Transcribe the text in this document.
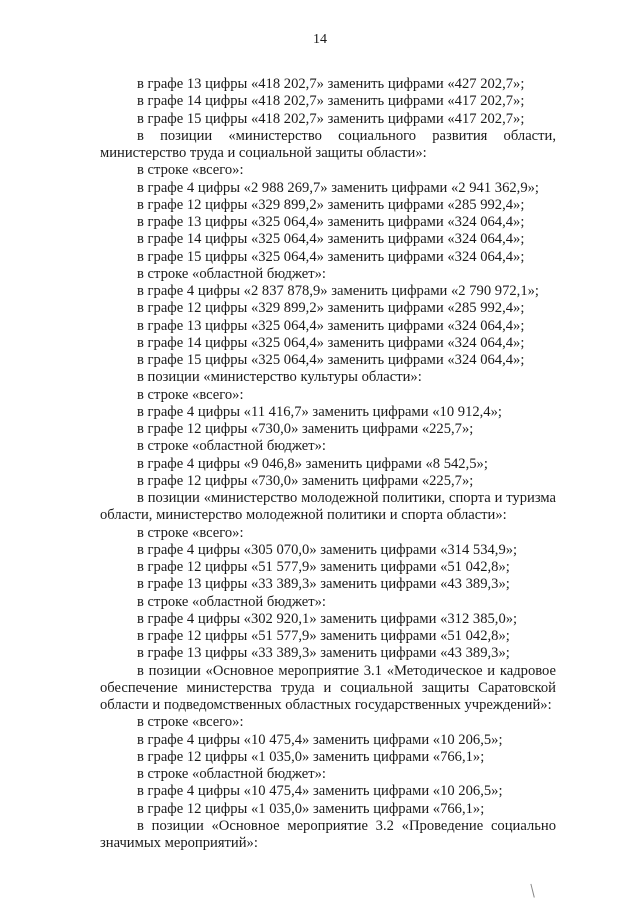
14
в графе 13 цифры «418 202,7» заменить цифрами «427 202,7»;
в графе 14 цифры «418 202,7» заменить цифрами «417 202,7»;
в графе 15 цифры «418 202,7» заменить цифрами «417 202,7»;
в позиции «министерство социального развития области, министерство труда и социальной защиты области»:
в строке «всего»:
в графе 4 цифры «2 988 269,7» заменить цифрами «2 941 362,9»;
в графе 12 цифры «329 899,2» заменить цифрами «285 992,4»;
в графе 13 цифры «325 064,4» заменить цифрами «324 064,4»;
в графе 14 цифры «325 064,4» заменить цифрами «324 064,4»;
в графе 15 цифры «325 064,4» заменить цифрами «324 064,4»;
в строке «областной бюджет»:
в графе 4 цифры «2 837 878,9» заменить цифрами «2 790 972,1»;
в графе 12 цифры «329 899,2» заменить цифрами «285 992,4»;
в графе 13 цифры «325 064,4» заменить цифрами «324 064,4»;
в графе 14 цифры «325 064,4» заменить цифрами «324 064,4»;
в графе 15 цифры «325 064,4» заменить цифрами «324 064,4»;
в позиции «министерство культуры области»:
в строке «всего»:
в графе 4 цифры «11 416,7» заменить цифрами «10 912,4»;
в графе 12 цифры «730,0» заменить цифрами «225,7»;
в строке «областной бюджет»:
в графе 4 цифры «9 046,8» заменить цифрами «8 542,5»;
в графе 12 цифры «730,0» заменить цифрами «225,7»;
в позиции «министерство молодежной политики, спорта и туризма области, министерство молодежной политики и спорта области»:
в строке «всего»:
в графе 4 цифры «305 070,0» заменить цифрами «314 534,9»;
в графе 12 цифры «51 577,9» заменить цифрами «51 042,8»;
в графе 13 цифры «33 389,3» заменить цифрами «43 389,3»;
в строке «областной бюджет»:
в графе 4 цифры «302 920,1» заменить цифрами «312 385,0»;
в графе 12 цифры «51 577,9» заменить цифрами «51 042,8»;
в графе 13 цифры «33 389,3» заменить цифрами «43 389,3»;
в позиции «Основное мероприятие 3.1 «Методическое и кадровое обеспечение министерства труда и социальной защиты Саратовской области и подведомственных областных государственных учреждений»:
в строке «всего»:
в графе 4 цифры «10 475,4» заменить цифрами «10 206,5»;
в графе 12 цифры «1 035,0» заменить цифрами «766,1»;
в строке «областной бюджет»:
в графе 4 цифры «10 475,4» заменить цифрами «10 206,5»;
в графе 12 цифры «1 035,0» заменить цифрами «766,1»;
в позиции «Основное мероприятие 3.2 «Проведение социально значимых мероприятий»:
